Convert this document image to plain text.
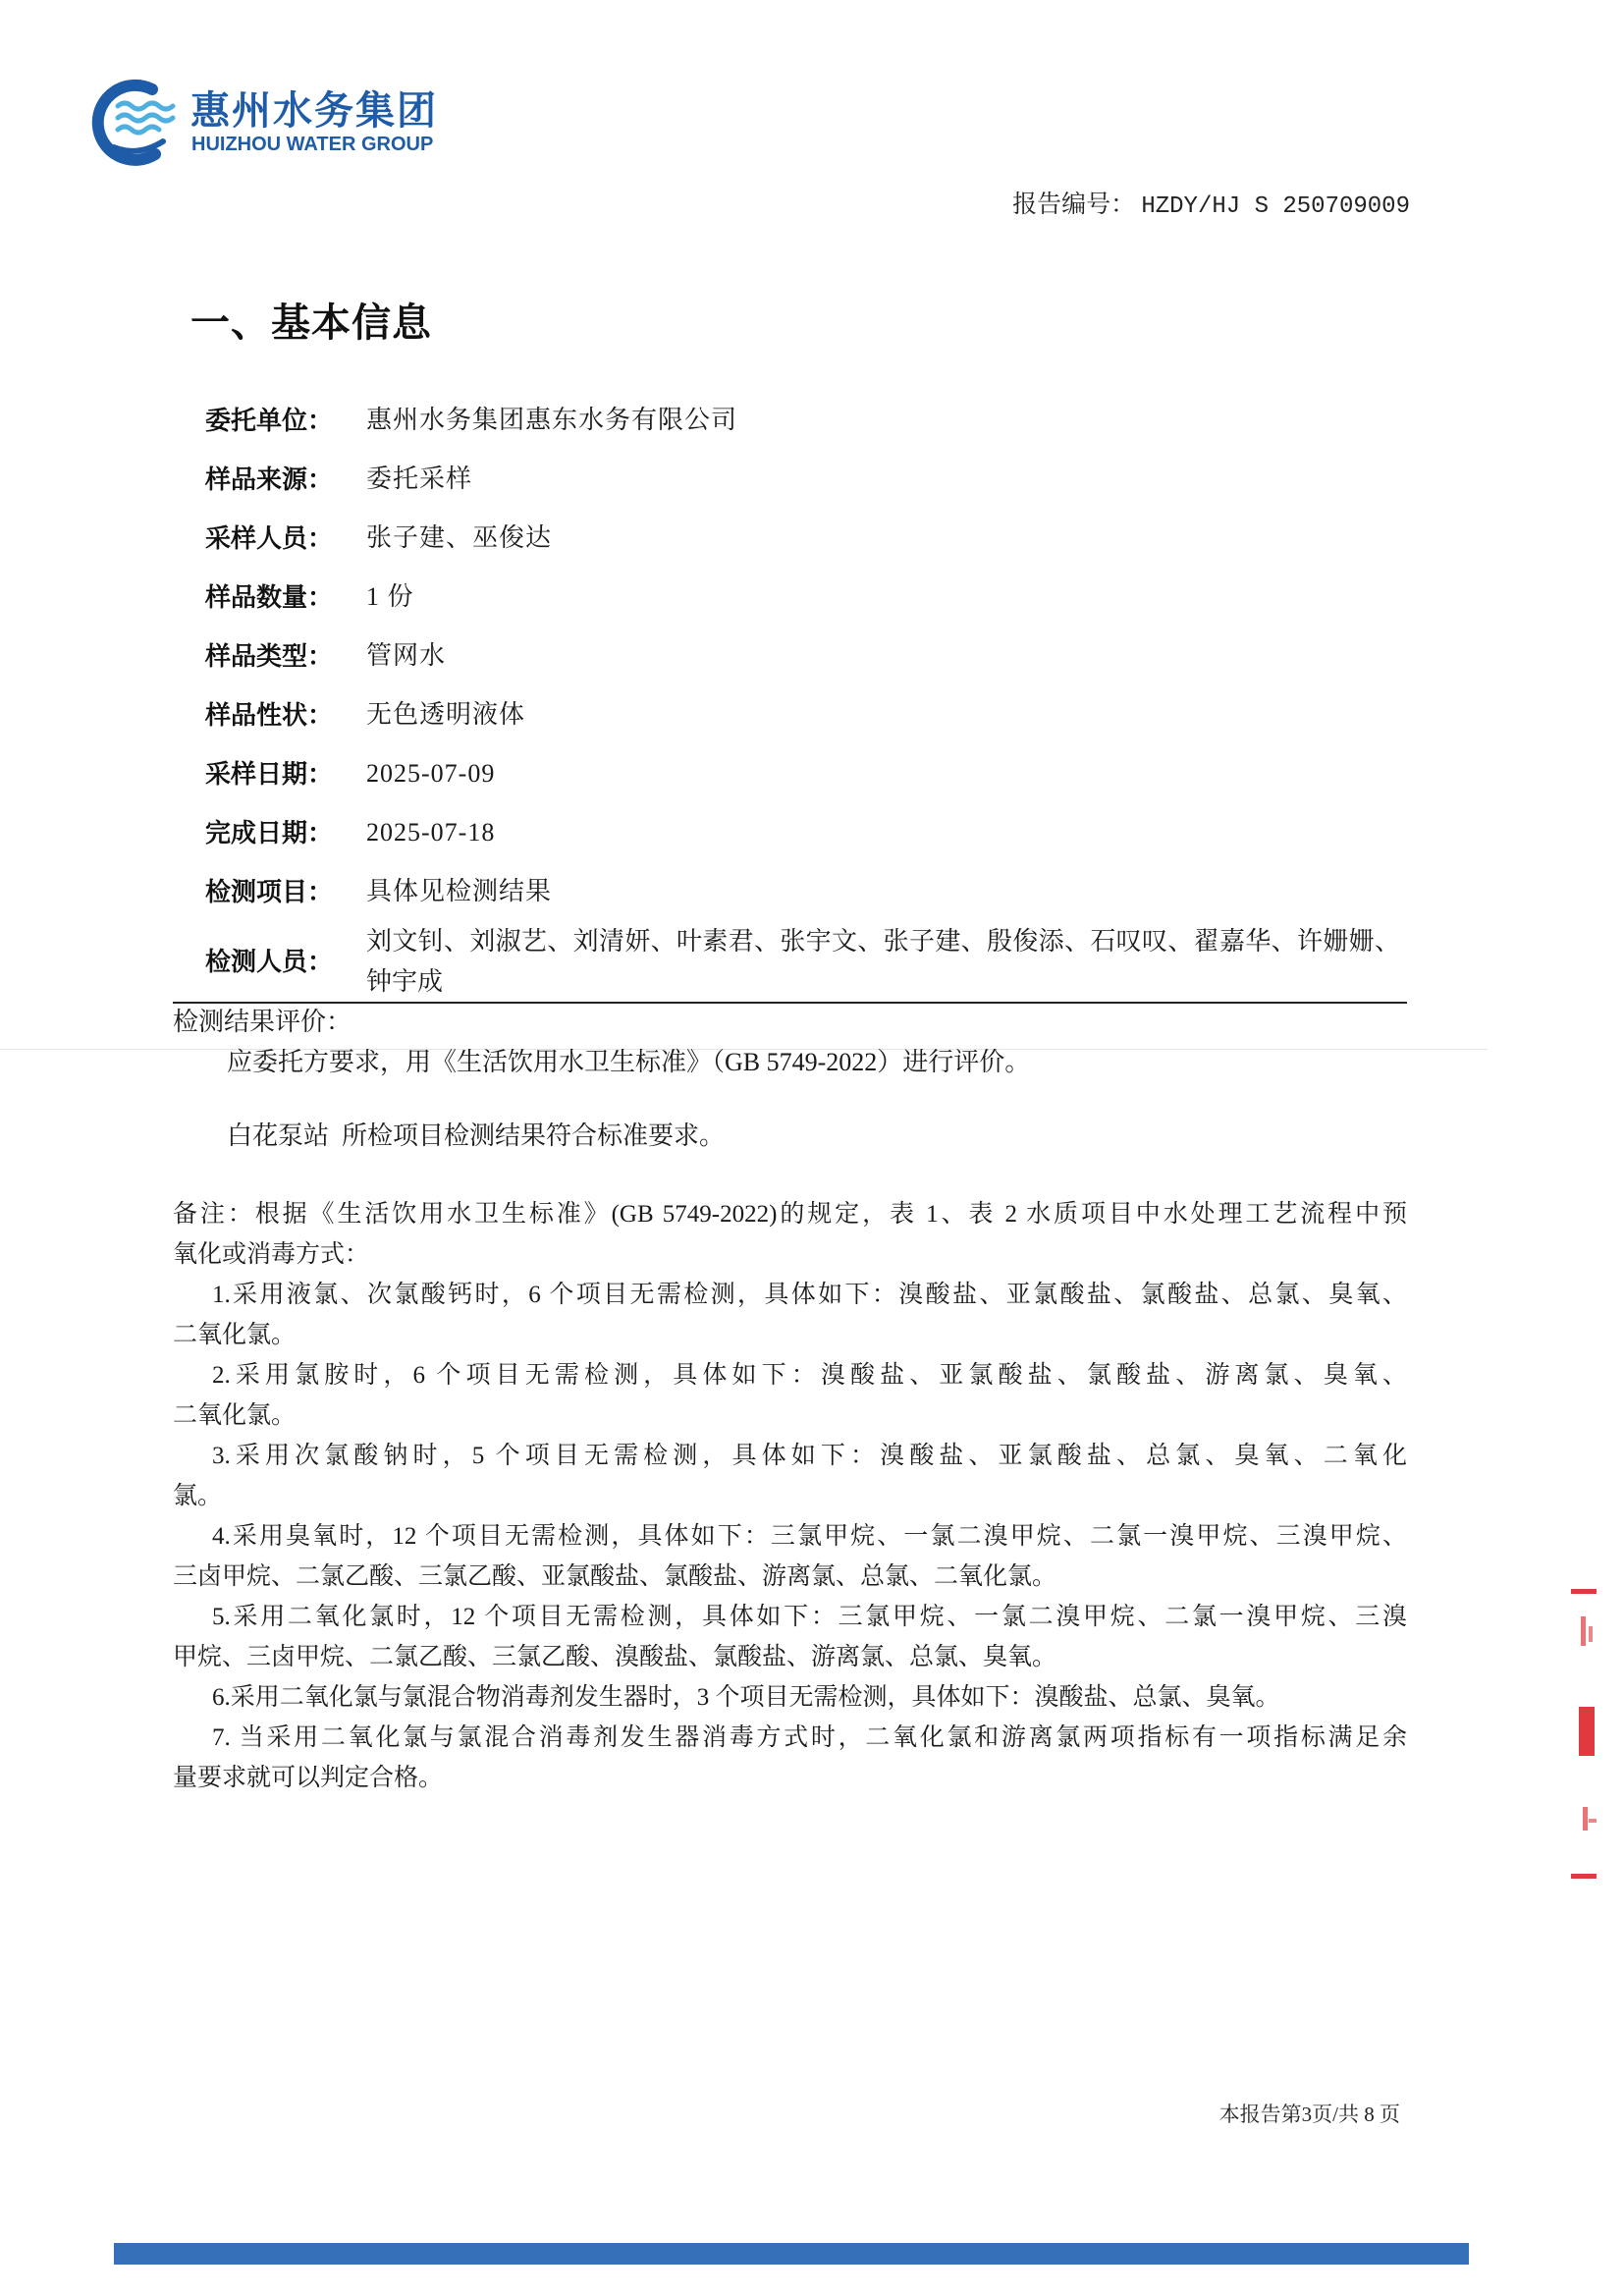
惠州水务集团
HUIZHOU WATER GROUP
报告编号： HZDY/HJ S 250709009
一、基本信息
委托单位： 惠州水务集团惠东水务有限公司
样品来源： 委托采样
采样人员： 张子建、巫俊达
样品数量： 1 份
样品类型： 管网水
样品性状： 无色透明液体
采样日期： 2025-07-09
完成日期： 2025-07-18
检测项目： 具体见检测结果
检测人员：
刘文钊、刘淑艺、刘清妍、叶素君、张宇文、张子建、殷俊添、石叹叹、翟嘉华、许姗姗、
钟宇成
检测结果评价：
应委托方要求，用《生活饮用水卫生标准》（GB 5749-2022）进行评价。
白花泵站  所检项目检测结果符合标准要求。
备注：根据《生活饮用水卫生标准》(GB 5749-2022)的规定，表 1、表 2 水质项目中水处理工艺流程中预
氧化或消毒方式：
1.采用液氯、次氯酸钙时，6 个项目无需检测，具体如下：溴酸盐、亚氯酸盐、氯酸盐、总氯、臭氧、
二氧化氯。
2.采用氯胺时，6 个项目无需检测，具体如下：溴酸盐、亚氯酸盐、氯酸盐、游离氯、臭氧、
二氧化氯。
3.采用次氯酸钠时，5 个项目无需检测，具体如下：溴酸盐、亚氯酸盐、总氯、臭氧、二氧化
氯。
4.采用臭氧时，12 个项目无需检测，具体如下：三氯甲烷、一氯二溴甲烷、二氯一溴甲烷、三溴甲烷、
三卤甲烷、二氯乙酸、三氯乙酸、亚氯酸盐、氯酸盐、游离氯、总氯、二氧化氯。
5.采用二氧化氯时，12 个项目无需检测，具体如下：三氯甲烷、一氯二溴甲烷、二氯一溴甲烷、三溴
甲烷、三卤甲烷、二氯乙酸、三氯乙酸、溴酸盐、氯酸盐、游离氯、总氯、臭氧。
6.采用二氧化氯与氯混合物消毒剂发生器时，3 个项目无需检测，具体如下：溴酸盐、总氯、臭氧。
7. 当采用二氧化氯与氯混合消毒剂发生器消毒方式时，二氧化氯和游离氯两项指标有一项指标满足余
量要求就可以判定合格。
本报告第3页/共 8 页
